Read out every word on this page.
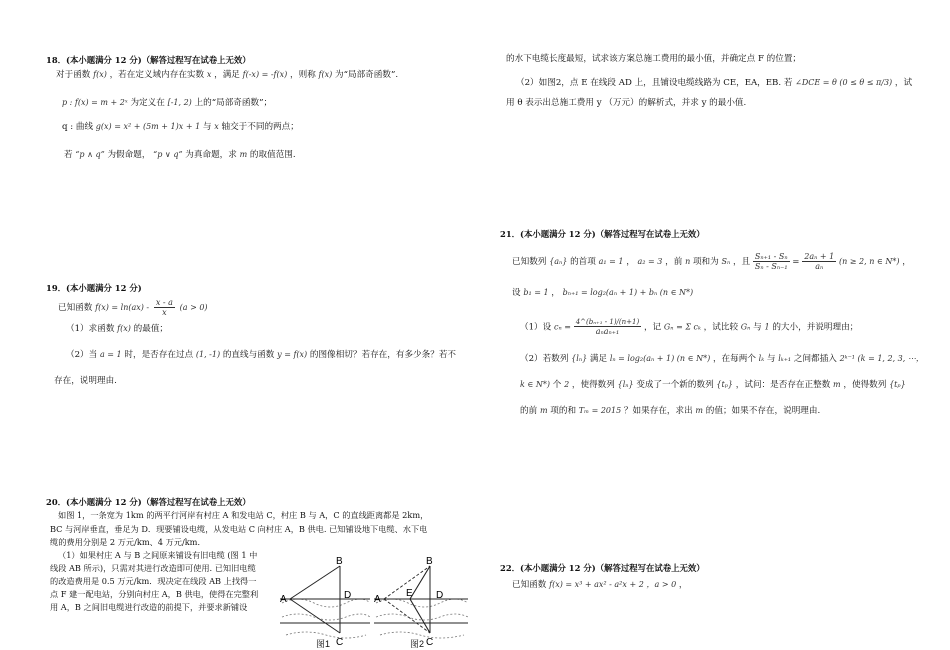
18．(本小题满分 12 分)（解答过程写在试卷上无效）
对于函数 f(x) ，若在定义域内存在实数 x ，满足 f(-x) = -f(x) ，则称 f(x) 为“局部奇函数”.
p : f(x) = m + 2ˣ 为定义在 [-1, 2) 上的“局部奇函数”；
q : 曲线 g(x) = x² + (5m + 1)x + 1 与 x 轴交于不同的两点；
若 “p ∧ q” 为假命题， “p ∨ q” 为真命题，求 m 的取值范围.
19．(本小题满分 12 分)
已知函数 $f(x) = \ln(ax) - \frac{x - a}{x} (a > 0)$
（1）求函数 f(x) 的最值；
（2）当 a = 1 时，是否存在过点 (1, -1) 的直线与函数 y = f(x) 的图像相切？若存在，有多少条？若不
存在，说明理由.
20．(本小题满分 12 分)（解答过程写在试卷上无效）
如图 1，一条宽为 1km 的两平行河岸有村庄 A 和发电站 C，村庄 B 与 A，C 的直线距离都是 2km，
BC 与河岸垂直，垂足为 D．现要铺设电缆，从发电站 C 向村庄 A，B 供电. 已知铺设地下电缆、水下电
缆的费用分别是 2 万元/km、4 万元/km．
（1）如果村庄 A 与 B 之间原来铺设有旧电缆 (图 1 中
线段 AB 所示)，只需对其进行改造即可使用. 已知旧电缆
的改造费用是 0.5 万元/km．现决定在线段 AB 上找得一
点 F 建一配电站，分别向村庄 A，B 供电，使得在完整利
用 A，B 之间旧电缆进行改造的前提下，并要求新铺设
A
B
C
D
图1
A
B
C
D
E
图2
的水下电缆长度最短，试求该方案总施工费用的最小值，并确定点 F 的位置；
（2）如图2，点 E 在线段 AD 上，且铺设电缆线路为 CE，EA，EB. 若 ∠DCE = θ (0 ≤ θ ≤ π/3) ，试
用 θ 表示出总施工费用 y （万元）的解析式，并求 y 的最小值.
21．(本小题满分 12 分)（解答过程写在试卷上无效）
已知数列 {aₙ} 的首项 a₁ = 1 ， a₂ = 3 ，前 n 项和为 Sₙ ，且 $\frac{\text{Sₙ₊₁ - Sₙ}}{\text{Sₙ - Sₙ₋₁}} = \frac{\text{2aₙ + 1}}{\text{aₙ}} (n \ge 2$, n ∈ N*) ，
设 b₁ = 1 ， bₙ₊₁ = log₂(aₙ + 1) + bₙ (n ∈ N*)
（1）设 cₙ =
4^(bₙ₊₁ - 1)/(n+1)
aₙaₙ₊₁	，记 Gₙ = Σ cₖ ，试比较 Gₙ 与 1 的大小，并说明理由；
（2）若数列 {lₙ} 满足 lₙ = log₂(aₙ + 1) (n ∈ N*) ，在每两个 lₖ 与 lₖ₊₁ 之间都插入 2ᵏ⁻¹ (k = 1, 2, 3, ⋯，
k ∈ N*) 个 2 ，使得数列 {lₙ} 变成了一个新的数列 {tₚ} ，试问：是否存在正整数 m ，使得数列 {tₚ}
的前 m 项的和 Tₘ = 2015 ？如果存在，求出 m 的值；如果不存在，说明理由.
22．(本小题满分 12 分)（解答过程写在试卷上无效）
已知函数 f(x) = x³ + ax² - a²x + 2 ，a > 0 ，
